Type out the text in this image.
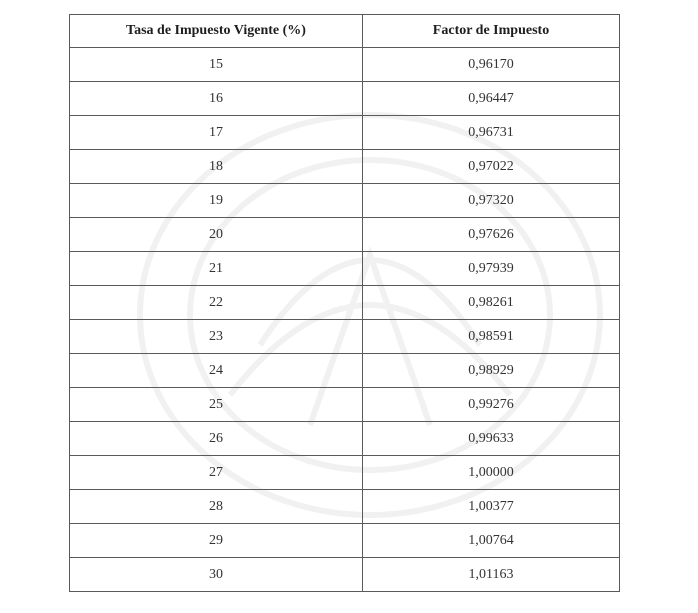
Tasa de Impuesto Vigente (%)	Factor de Impuesto
15	0,96170
16	0,96447
17	0,96731
18	0,97022
19	0,97320
20	0,97626
21	0,97939
22	0,98261
23	0,98591
24	0,98929
25	0,99276
26	0,99633
27	1,00000
28	1,00377
29	1,00764
30	1,01163
